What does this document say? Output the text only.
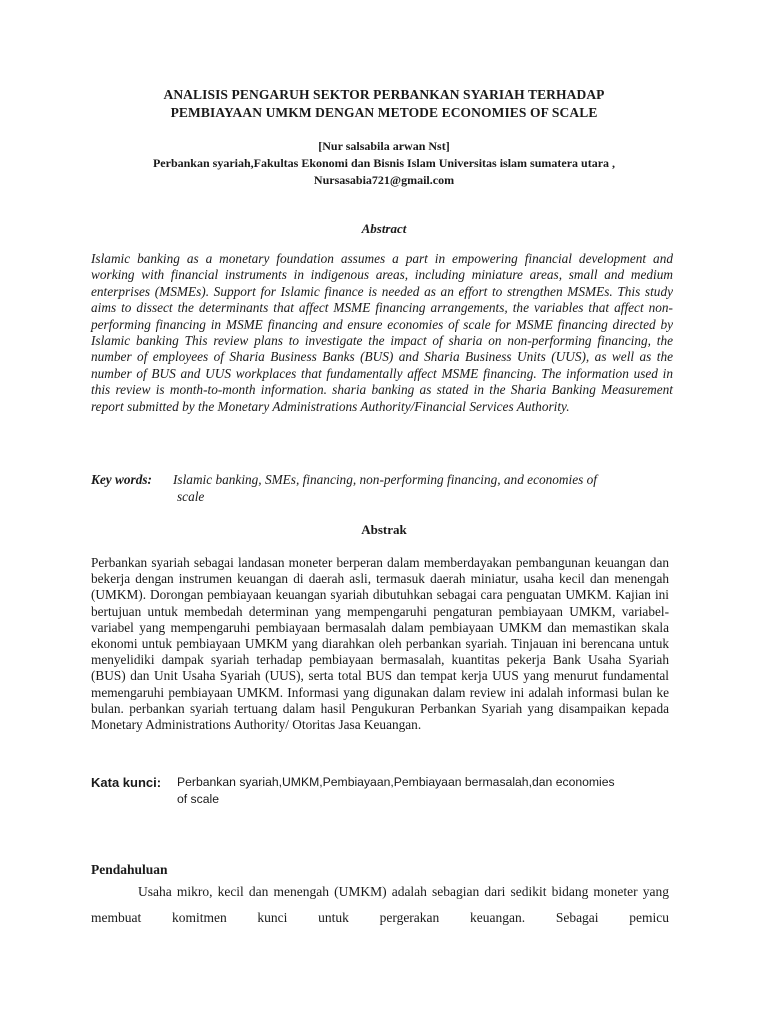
ANALISIS PENGARUH SEKTOR PERBANKAN SYARIAH TERHADAP
PEMBIAYAAN UMKM DENGAN METODE ECONOMIES OF SCALE
[Nur salsabila arwan Nst]
Perbankan syariah,Fakultas Ekonomi dan Bisnis Islam Universitas islam sumatera utara ,
Nursasabia721@gmail.com
Abstract
Islamic banking as a monetary foundation assumes a part in empowering financial development and working with financial instruments in indigenous areas, including miniature areas, small and medium enterprises (MSMEs). Support for Islamic finance is needed as an effort to strengthen MSMEs. This study aims to dissect the determinants that affect MSME financing arrangements, the variables that affect non-performing financing in MSME financing and ensure economies of scale for MSME financing directed by Islamic banking This review plans to investigate the impact of sharia on non-performing financing, the number of employees of Sharia Business Banks (BUS) and Sharia Business Units (UUS), as well as the number of BUS and UUS workplaces that fundamentally affect MSME financing. The information used in this review is month-to-month information. sharia banking as stated in the Sharia Banking Measurement report submitted by the Monetary Administrations Authority/Financial Services Authority.
Key words:	Islamic banking, SMEs, financing, non-performing financing, and economies of
scale
Abstrak
Perbankan syariah sebagai landasan moneter berperan dalam memberdayakan pembangunan keuangan dan bekerja dengan instrumen keuangan di daerah asli, termasuk daerah miniatur, usaha kecil dan menengah (UMKM). Dorongan pembiayaan keuangan syariah dibutuhkan sebagai cara penguatan UMKM. Kajian ini bertujuan untuk membedah determinan yang mempengaruhi pengaturan pembiayaan UMKM, variabel-variabel yang mempengaruhi pembiayaan bermasalah dalam pembiayaan UMKM dan memastikan skala ekonomi untuk pembiayaan UMKM yang diarahkan oleh perbankan syariah. Tinjauan ini berencana untuk menyelidiki dampak syariah terhadap pembiayaan bermasalah, kuantitas pekerja Bank Usaha Syariah (BUS) dan Unit Usaha Syariah (UUS), serta total BUS dan tempat kerja UUS yang menurut fundamental memengaruhi pembiayaan UMKM. Informasi yang digunakan dalam review ini adalah informasi bulan ke bulan. perbankan syariah tertuang dalam hasil Pengukuran Perbankan Syariah yang disampaikan kepada Monetary Administrations Authority/ Otoritas Jasa Keuangan.
Kata kunci:	Perbankan syariah,UMKM,Pembiayaan,Pembiayaan bermasalah,dan economies
of scale
Pendahuluan
Usaha mikro, kecil dan menengah (UMKM) adalah sebagian dari sedikit bidang moneter yang membuat komitmen kunci untuk pergerakan keuangan. Sebagai pemicu
